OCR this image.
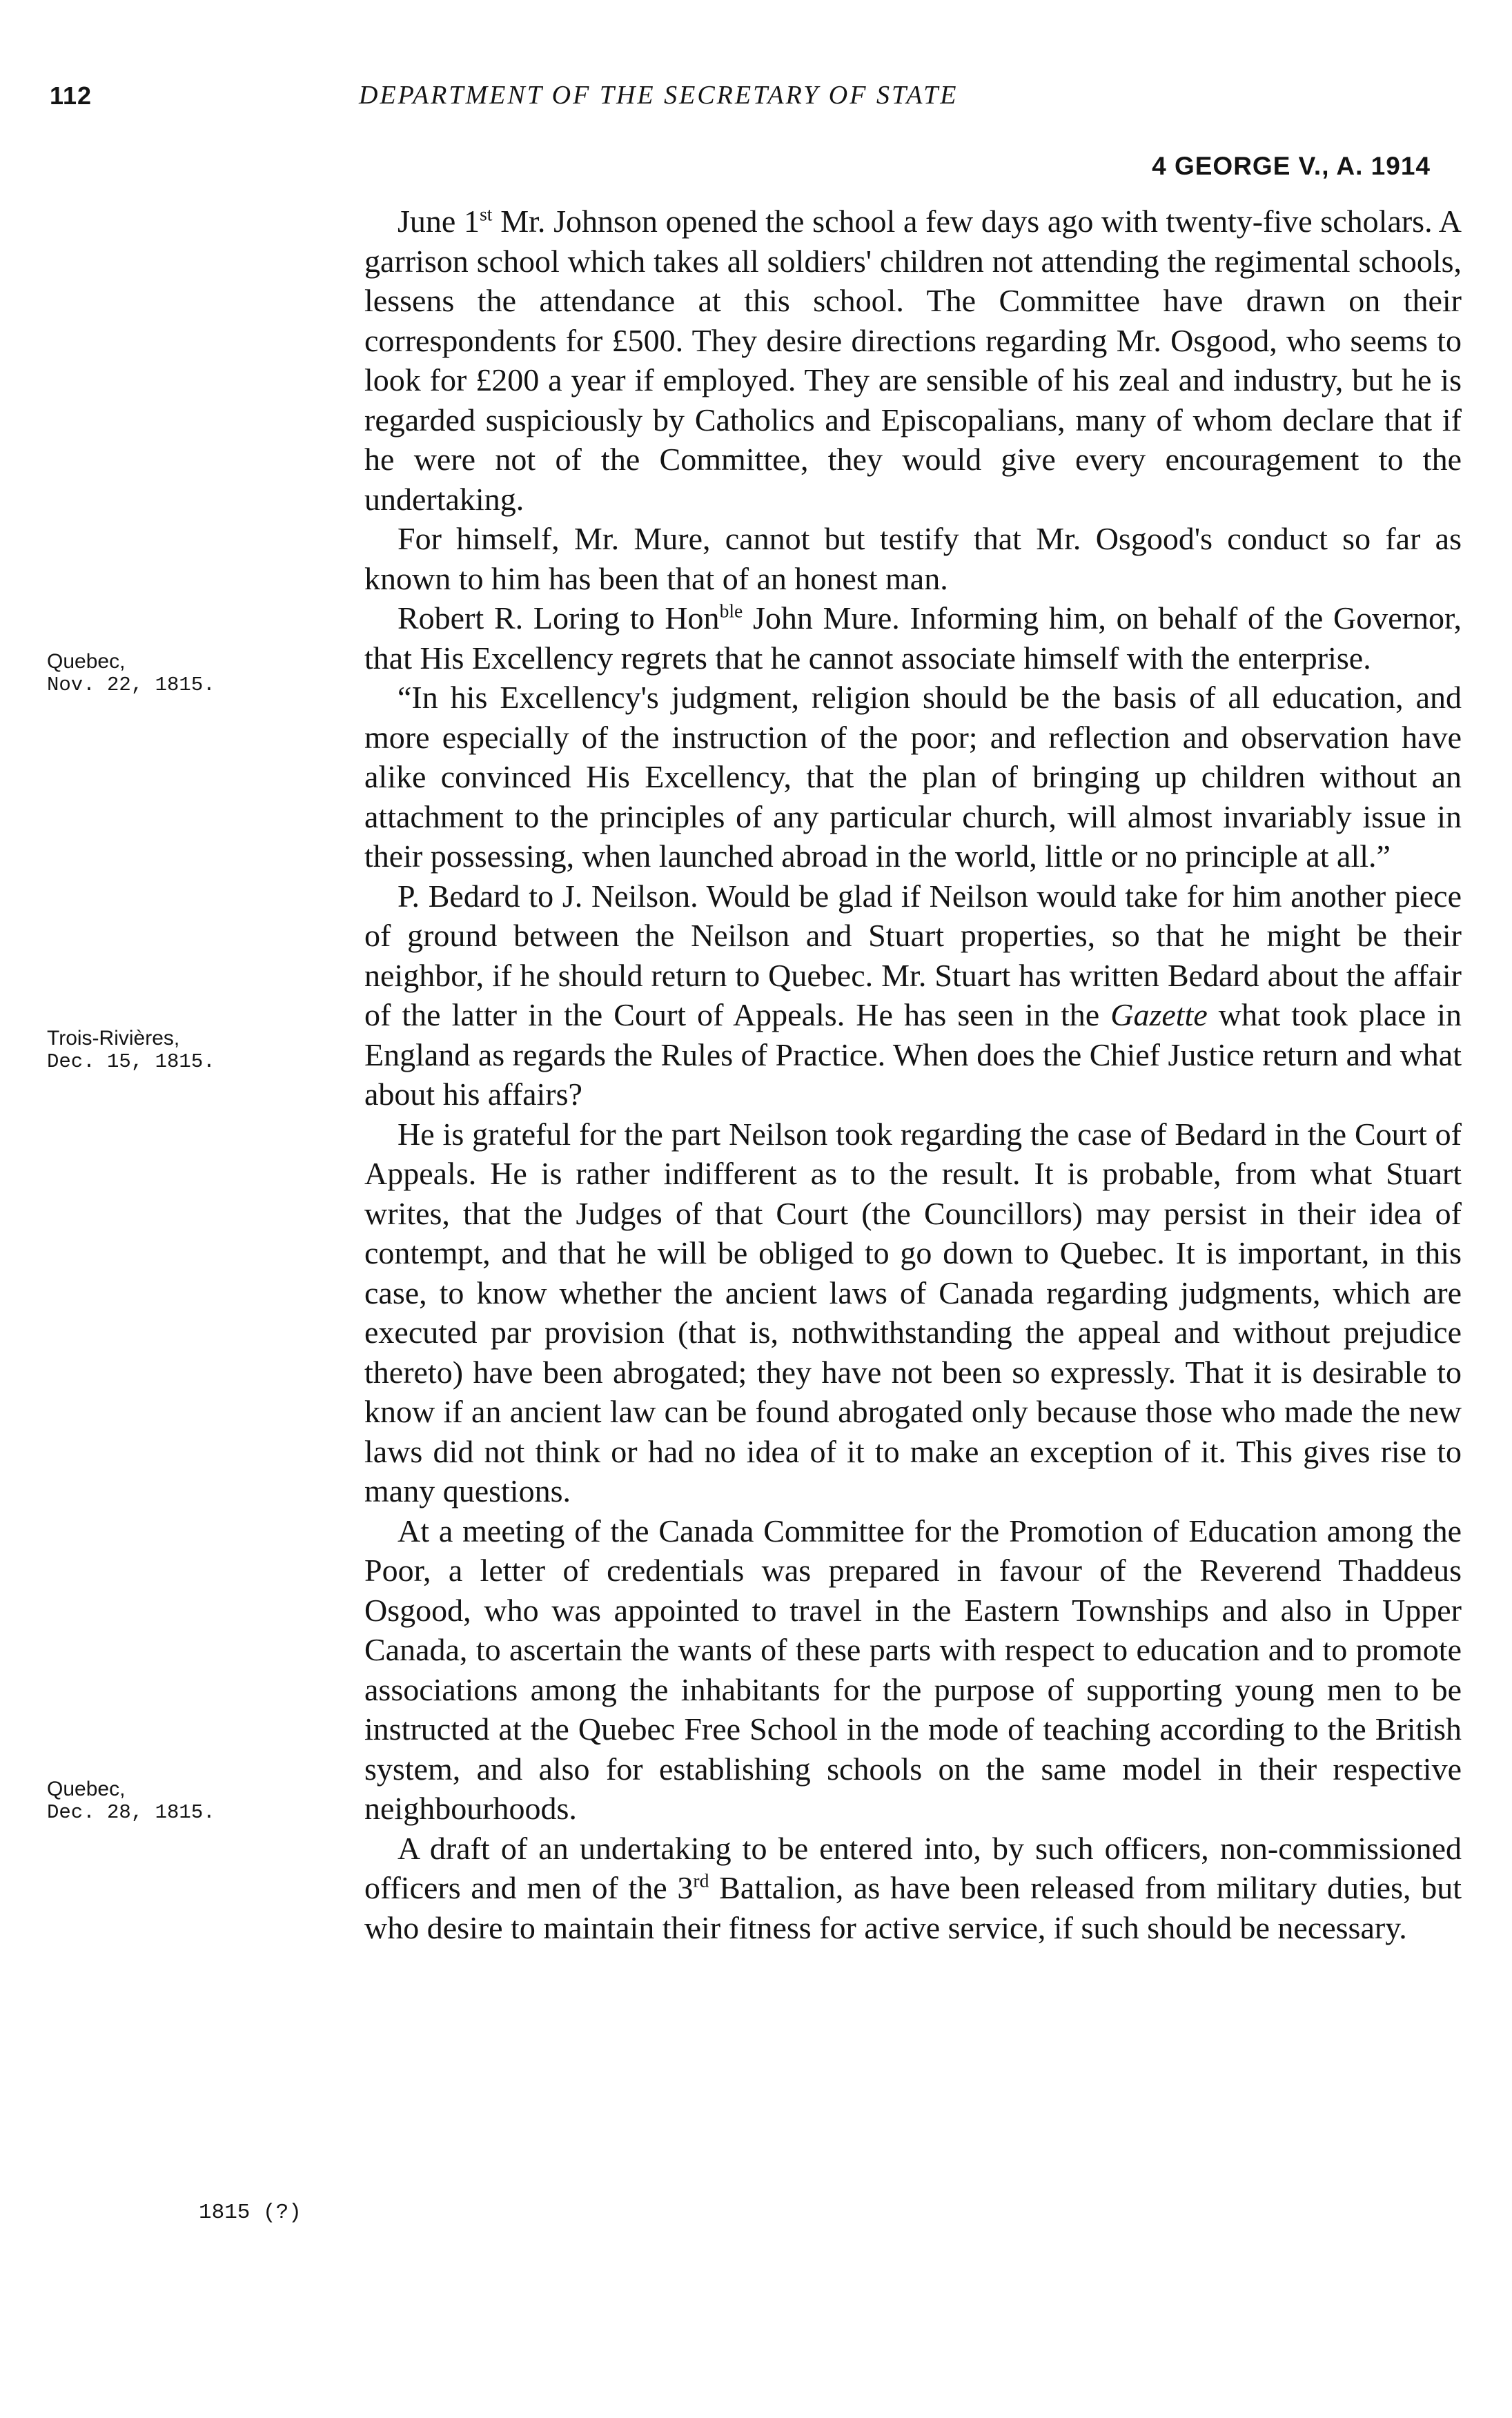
112	DEPARTMENT OF THE SECRETARY OF STATE
4 GEORGE V., A. 1914
Quebec,
Nov. 22, 1815.
Trois-Rivières,
Dec. 15, 1815.
Quebec,
Dec. 28, 1815.
1815 (?)

June 1st Mr. Johnson opened the school a few days ago with twenty-five scholars. A garrison school which takes all soldiers' children not attending the regimental schools, lessens the attendance at this school. The Committee have drawn on their correspondents for £500. They desire directions regarding Mr. Osgood, who seems to look for £200 a year if employed. They are sensible of his zeal and industry, but he is regarded suspiciously by Catholics and Episcopalians, many of whom declare that if he were not of the Committee, they would give every encouragement to the undertaking.

For himself, Mr. Mure, cannot but testify that Mr. Osgood's conduct so far as known to him has been that of an honest man.

Robert R. Loring to Hon$^{ble}$ John Mure. Informing him, on behalf of the Governor, that His Excellency regrets that he cannot associate himself with the enterprise.

“In his Excellency's judgment, religion should be the basis of all education, and more especially of the instruction of the poor; and reflection and observation have alike convinced His Excellency, that the plan of bringing up children without an attachment to the principles of any particular church, will almost invariably issue in their possessing, when launched abroad in the world, little or no principle at all.”

P. Bedard to J. Neilson. Would be glad if Neilson would take for him another piece of ground between the Neilson and Stuart properties, so that he might be their neighbor, if he should return to Quebec. Mr. Stuart has written Bedard about the affair of the latter in the Court of Appeals. He has seen in the Gazette what took place in England as regards the Rules of Practice. When does the Chief Justice return and what about his affairs?

He is grateful for the part Neilson took regarding the case of Bedard in the Court of Appeals. He is rather indifferent as to the result. It is probable, from what Stuart writes, that the Judges of that Court (the Councillors) may persist in their idea of contempt, and that he will be obliged to go down to Quebec. It is important, in this case, to know whether the ancient laws of Canada regarding judgments, which are executed par provision (that is, nothwithstanding the appeal and without prejudice thereto) have been abrogated; they have not been so expressly. That it is desirable to know if an ancient law can be found abrogated only because those who made the new laws did not think or had no idea of it to make an exception of it. This gives rise to many questions.

At a meeting of the Canada Committee for the Promotion of Education among the Poor, a letter of credentials was prepared in favour of the Reverend Thaddeus Osgood, who was appointed to travel in the Eastern Townships and also in Upper Canada, to ascertain the wants of these parts with respect to education and to promote associations among the inhabitants for the purpose of supporting young men to be instructed at the Quebec Free School in the mode of teaching according to the British system, and also for establishing schools on the same model in their respective neighbourhoods.

A draft of an undertaking to be entered into, by such officers, non-commissioned officers and men of the 3rd Battalion, as have been released from military duties, but who desire to maintain their fitness for active service, if such should be necessary.
